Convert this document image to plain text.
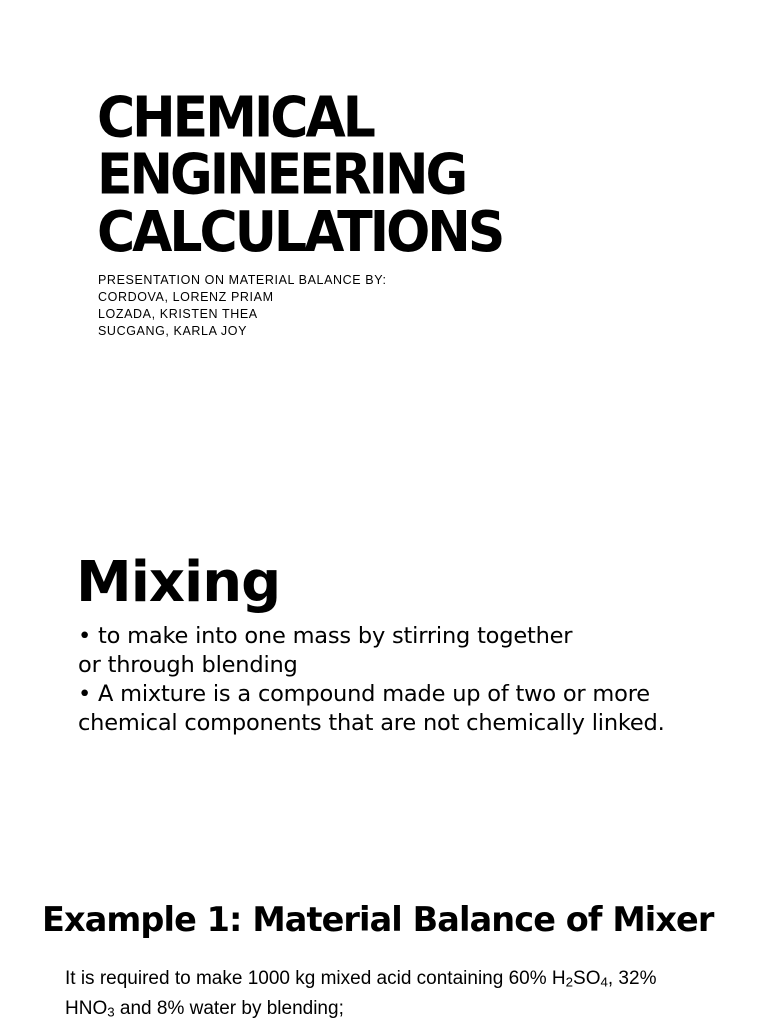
CHEMICAL
ENGINEERING
CALCULATIONS
PRESENTATION ON MATERIAL BALANCE BY:
CORDOVA, LORENZ PRIAM
LOZADA, KRISTEN THEA
SUCGANG, KARLA JOY
Mixing
• to make into one mass by stirring together
or through blending
• A mixture is a compound made up of two or more
chemical components that are not chemically linked.
Example 1: Material Balance of Mixer
It is required to make 1000 kg mixed acid containing 60% $H_2SO_4$, 32%
$HNO_3$ and 8% water by blending;
